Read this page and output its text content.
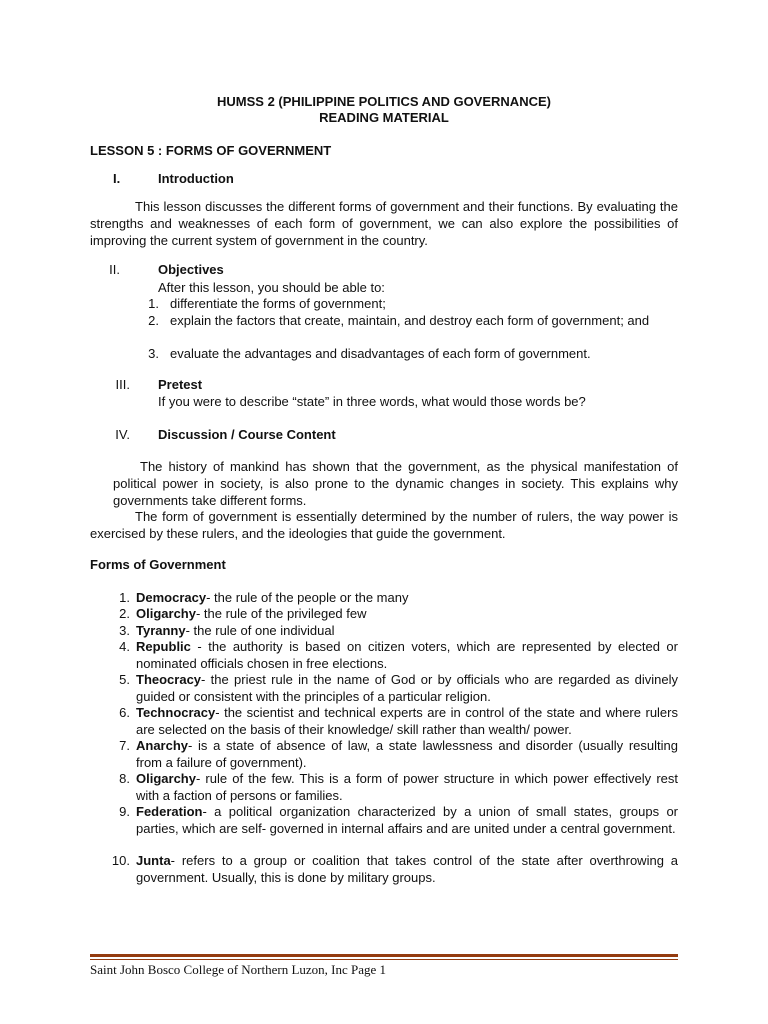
HUMSS 2 (PHILIPPINE POLITICS AND GOVERNANCE)
READING MATERIAL
LESSON 5 : FORMS OF GOVERNMENT
I.	Introduction
This lesson discusses the different forms of government and their functions. By evaluating the strengths and weaknesses of each form of government, we can also explore the possibilities of improving the current system of government in the country.
II.	Objectives
After this lesson, you should be able to:
1. differentiate the forms of government;
2. explain the factors that create, maintain, and destroy each form of government; and
3. evaluate the advantages and disadvantages of each form of government.
III. Pretest
If you were to describe “state” in three words, what would those words be?
IV. Discussion / Course Content
The history of mankind has shown that the government, as the physical manifestation of political power in society, is also prone to the dynamic changes in society. This explains why governments take different forms.
The form of government is essentially determined by the number of rulers, the way power is exercised by these rulers, and the ideologies that guide the government.
Forms of Government
1. Democracy- the rule of the people or the many
2. Oligarchy- the rule of the privileged few
3. Tyranny- the rule of one individual
4. Republic - the authority is based on citizen voters, which are represented by elected or nominated officials chosen in free elections.
5. Theocracy- the priest rule in the name of God or by officials who are regarded as divinely guided or consistent with the principles of a particular religion.
6. Technocracy- the scientist and technical experts are in control of the state and where rulers are selected on the basis of their knowledge/ skill rather than wealth/ power.
7. Anarchy- is a state of absence of law, a state lawlessness and disorder (usually resulting from a failure of government).
8. Oligarchy- rule of the few. This is a form of power structure in which power effectively rest with a faction of persons or families.
9. Federation- a political organization characterized by a union of small states, groups or parties, which are self- governed in internal affairs and are united under a central government.
10. Junta- refers to a group or coalition that takes control of the state after overthrowing a government. Usually, this is done by military groups.
Saint John Bosco College of Northern Luzon, Inc Page 1
